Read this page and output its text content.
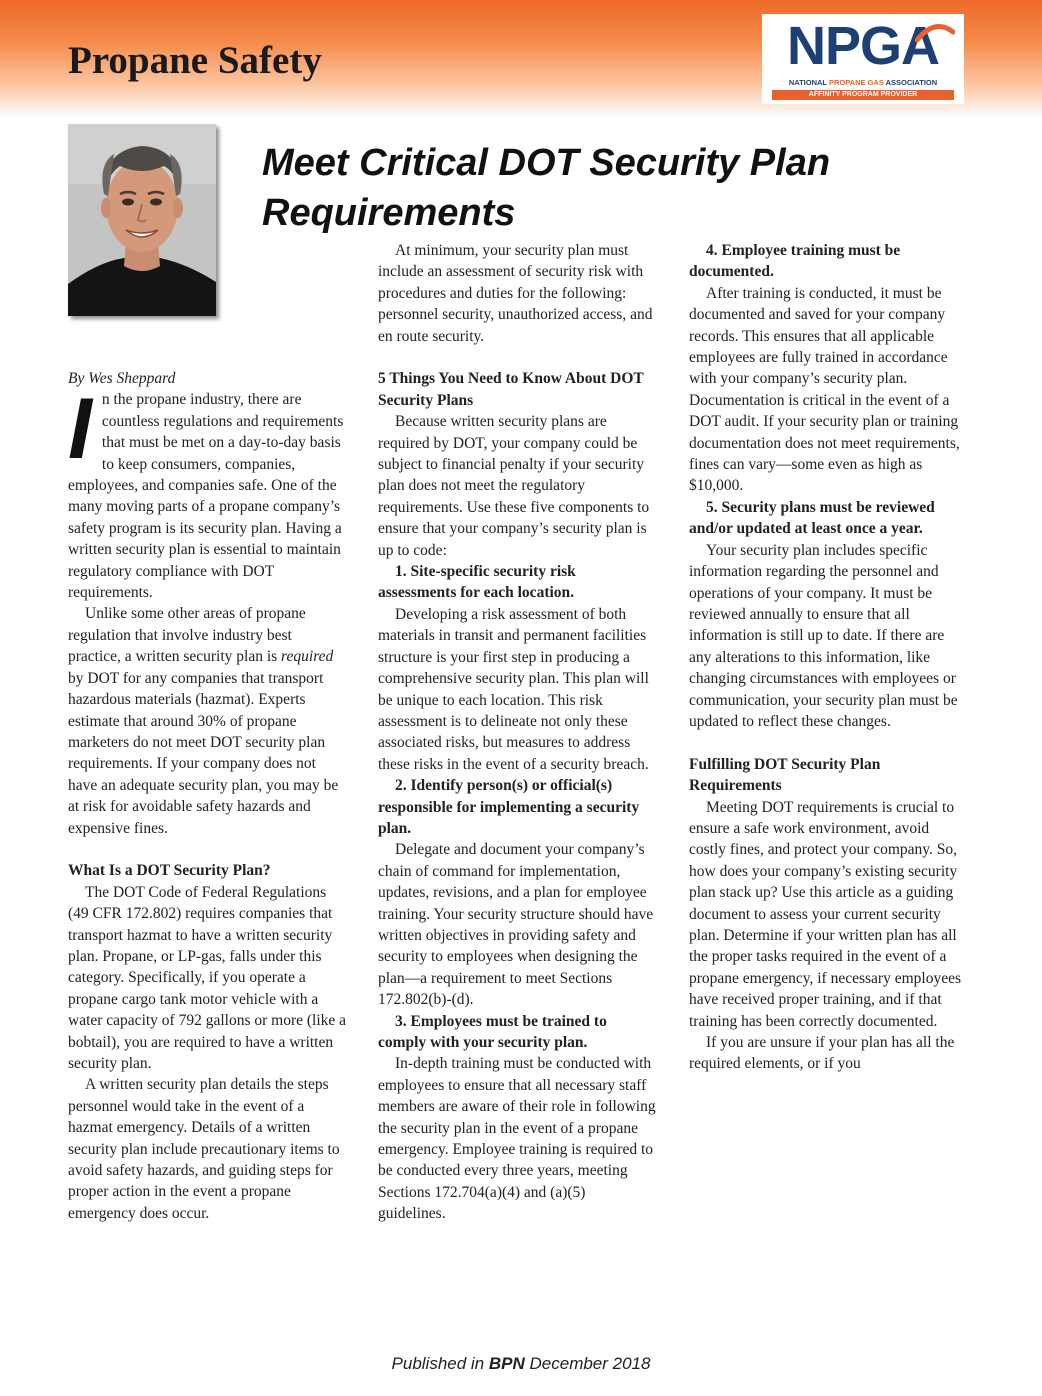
Propane Safety	NPGA
NATIONAL PROPANE GAS ASSOCIATION
AFFINITY PROGRAM PROVIDER
Meet Critical DOT Security Plan Requirements

By Wes Sheppard

In the propane industry, there are countless regulations and requirements that must be met on a day-to-day basis to keep consumers, companies, employees, and companies safe. One of the many moving parts of a propane company’s safety program is its security plan. Having a written security plan is essential to maintain regulatory compliance with DOT requirements.

Unlike some other areas of propane regulation that involve industry best practice, a written security plan is required by DOT for any companies that transport hazardous materials (hazmat). Experts estimate that around 30% of propane marketers do not meet DOT security plan requirements. If your company does not have an adequate security plan, you may be at risk for avoidable safety hazards and expensive fines.

What Is a DOT Security Plan?

The DOT Code of Federal Regulations (49 CFR 172.802) requires companies that transport hazmat to have a written security plan. Propane, or LP-gas, falls under this category. Specifically, if you operate a propane cargo tank motor vehicle with a water capacity of 792 gallons or more (like a bobtail), you are required to have a written security plan.

A written security plan details the steps personnel would take in the event of a hazmat emergency. Details of a written security plan include precautionary items to avoid safety hazards, and guiding steps for proper action in the event a propane emergency does occur.

At minimum, your security plan must include an assessment of security risk with procedures and duties for the following: personnel security, unauthorized access, and en route security.

5 Things You Need to Know About DOT Security Plans

Because written security plans are required by DOT, your company could be subject to financial penalty if your security plan does not meet the regulatory requirements. Use these five components to ensure that your company’s security plan is up to code:

1. Site-specific security risk assessments for each location.

Developing a risk assessment of both materials in transit and permanent facilities structure is your first step in producing a comprehensive security plan. This plan will be unique to each location. This risk assessment is to delineate not only these associated risks, but measures to address these risks in the event of a security breach.

2. Identify person(s) or official(s) responsible for implementing a security plan.

Delegate and document your company’s chain of command for implementation, updates, revisions, and a plan for employee training. Your security structure should have written objectives in providing safety and security to employees when designing the plan—a requirement to meet Sections 172.802(b)-(d).

3. Employees must be trained to comply with your security plan.

In-depth training must be conducted with employees to ensure that all necessary staff members are aware of their role in following the security plan in the event of a propane emergency. Employee training is required to be conducted every three years, meeting Sections 172.704(a)(4) and (a)(5) guidelines.

4. Employee training must be documented.

After training is conducted, it must be documented and saved for your company records. This ensures that all applicable employees are fully trained in accordance with your company’s security plan. Documentation is critical in the event of a DOT audit. If your security plan or training documentation does not meet requirements, fines can vary—some even as high as $10,000.

5. Security plans must be reviewed and/or updated at least once a year.

Your security plan includes specific information regarding the personnel and operations of your company. It must be reviewed annually to ensure that all information is still up to date. If there are any alterations to this information, like changing circumstances with employees or communication, your security plan must be updated to reflect these changes.

Fulfilling DOT Security Plan Requirements

Meeting DOT requirements is crucial to ensure a safe work environment, avoid costly fines, and protect your company. So, how does your company’s existing security plan stack up? Use this article as a guiding document to assess your current security plan. Determine if your written plan has all the proper tasks required in the event of a propane emergency, if necessary employees have received proper training, and if that training has been correctly documented.

If you are unsure if your plan has all the required elements, or if you

Published in BPN December 2018
